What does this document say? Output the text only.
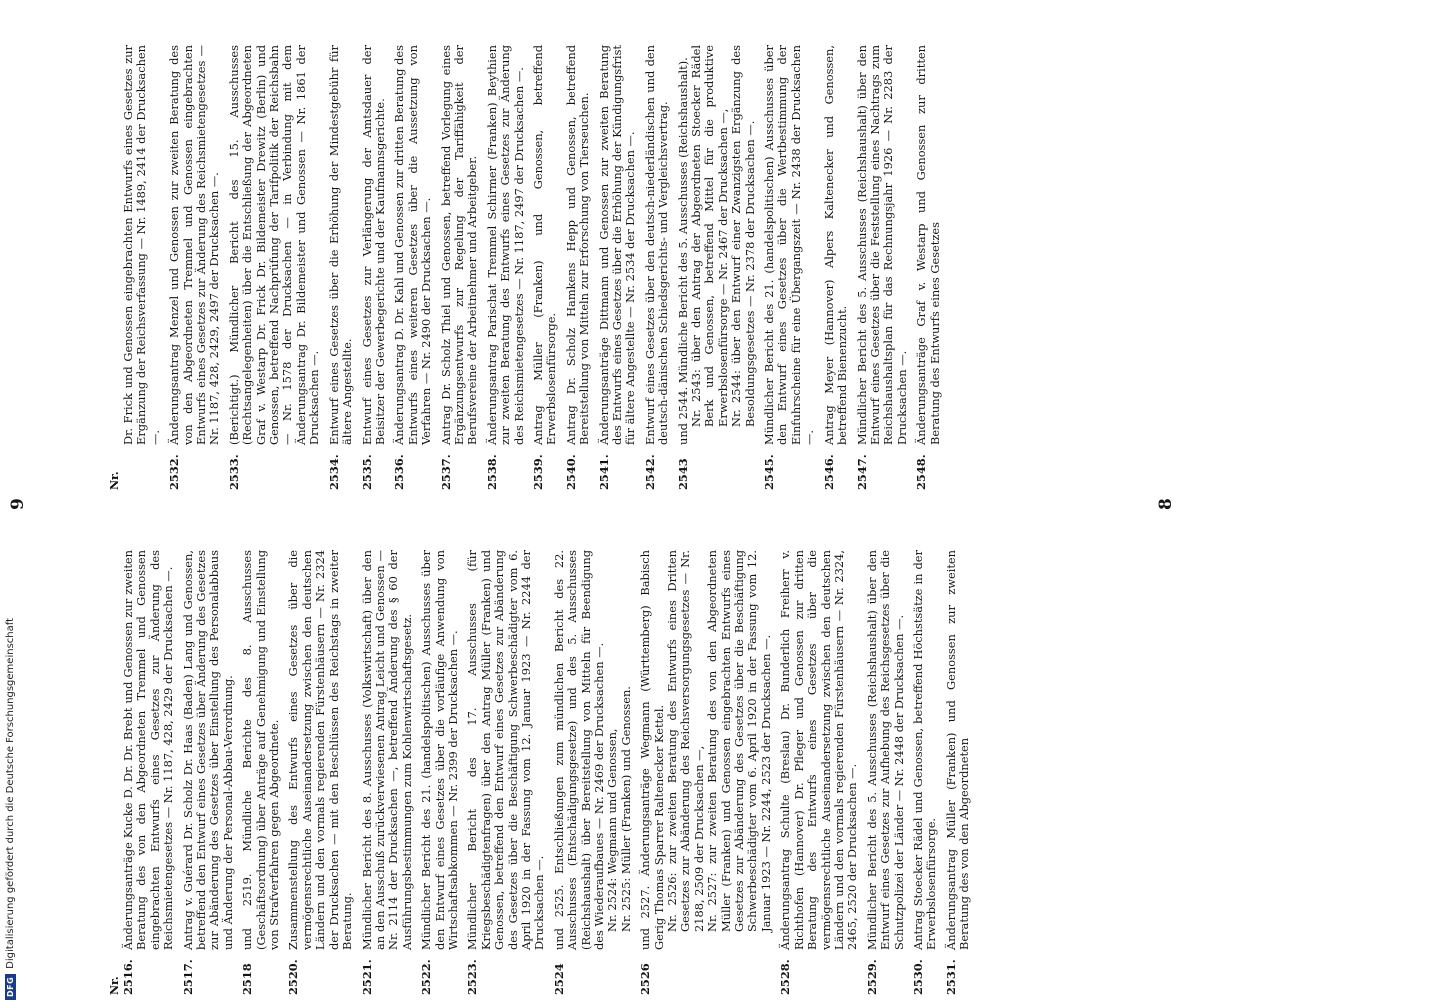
9	8
Nr.
Nr.
2516.
Änderungsanträge Kucke D. Dr. Dr. Brebt und Genossen zur zweiten Beratung des von den Abgeordneten Tremmel und Genossen eingebrachten Entwurfs eines Gesetzes zur Änderung des Reichsmietengesetzes — Nr. 1187, 428, 2429 der Drucksachen —.
2517.
Antrag v. Guérard Dr. Scholz Dr. Haas (Baden) Lang und Genossen, betreffend den Entwurf eines Gesetzes über Änderung des Gesetzes zur Abänderung des Gesetzes über Einstellung des Personalabbaus und Änderung der Personal-Abbau-Verordnung.
2518
und 2519. Mündliche Berichte des 8. Ausschusses (Geschäftsordnung) über Anträge auf Genehmigung und Einstellung von Strafverfahren gegen Abgeordnete.
2520.
Zusammenstellung des Entwurfs eines Gesetzes über die vermögensrechtliche Auseinandersetzung zwischen den deutschen Ländern und den vormals regierenden Fürstenhäusern — Nr. 2324 der Drucksachen — mit den Beschlüssen des Reichstags in zweiter Beratung.
2521.
Mündlicher Bericht des 8. Ausschusses (Volkswirtschaft) über den an den Ausschuß zurückverwiesenen Antrag Leicht und Genossen — Nr. 2114 der Drucksachen —, betreffend Änderung des § 60 der Ausführungsbestimmungen zum Kohlenwirtschaftsgesetz.
2522.
Mündlicher Bericht des 21. (handelspolitischen) Ausschusses über den Entwurf eines Gesetzes über die vorläufige Anwendung von Wirtschaftsabkommen — Nr. 2399 der Drucksachen —.
2523.
Mündlicher Bericht des 17. Ausschusses (für Kriegsbeschädigtenfragen) über den Antrag Müller (Franken) und Genossen, betreffend den Entwurf eines Gesetzes zur Abänderung des Gesetzes über die Beschäftigung Schwerbeschädigter vom 6. April 1920 in der Fassung vom 12. Januar 1923 — Nr. 2244 der Drucksachen —.
2524
und 2525. Entschließungen zum mündlichen Bericht des 22. Ausschusses (Entschädigungsgesetze) und des 5. Ausschusses (Reichshaushalt) über Bereitstellung von Mitteln für Beendigung des Wiederaufbaues — Nr. 2469 der Drucksachen —. Nr. 2524: Wegmann und Genossen, Nr. 2525: Müller (Franken) und Genossen.
2526
und 2527. Änderungsanträge Wegmann (Württemberg) Babisch Gerig Thomas Sparrer Raltenecker Kettel. Nr. 2526: zur zweiten Beratung des Entwurfs eines Dritten Gesetzes zur Abänderung des Reichsversorgungsgesetzes — Nr. 2188, 2509 der Drucksachen —, Nr. 2527: zur zweiten Beratung des von den Abgeordneten Müller (Franken) und Genossen eingebrachten Entwurfs eines Gesetzes zur Abänderung des Gesetzes über die Beschäftigung Schwerbeschädigter vom 6. April 1920 in der Fassung vom 12. Januar 1923 — Nr. 2244, 2523 der Drucksachen —.
2528.
Änderungsantrag Schulte (Breslau) Dr. Bunderlich Freiherr v. Richthofen (Hannover) Dr. Pfleger und Genossen zur dritten Beratung des Entwurfs eines Gesetzes über die vermögensrechtliche Auseinandersetzung zwischen den deutschen Ländern und den vormals regierenden Fürstenhäusern — Nr. 2324, 2465, 2520 der Drucksachen —.
2529.
Mündlicher Bericht des 5. Ausschusses (Reichshaushalt) über den Entwurf eines Gesetzes zur Aufhebung des Reichsgesetzes über die Schutzpolizei der Länder — Nr. 2448 der Drucksachen —.
2530.
Antrag Stoecker Rädel und Genossen, betreffend Höchstsätze in der Erwerbslosenfürsorge.
2531.
Änderungsantrag Müller (Franken) und Genossen zur zweiten Beratung des von den Abgeordneten
Dr. Frick und Genossen eingebrachten Entwurfs eines Gesetzes zur Ergänzung der Reichsverfassung — Nr. 1489, 2414 der Drucksachen —.
2532.
Änderungsantrag Menzel und Genossen zur zweiten Beratung des von den Abgeordneten Tremmel und Genossen eingebrachten Entwurfs eines Gesetzes zur Änderung des Reichsmietengesetzes — Nr. 1187, 428, 2429, 2497 der Drucksachen —.
2533.
(Berichtigt.) Mündlicher Bericht des 15. Ausschusses (Rechtsangelegenheiten) über die Entschließung der Abgeordneten Graf v. Westarp Dr. Frick Dr. Bildemeister Drewitz (Berlin) und Genossen, betreffend Nachprüfung der Tarifpolitik der Reichsbahn — Nr. 1578 der Drucksachen — in Verbindung mit dem Änderungsantrag Dr. Bildemeister und Genossen — Nr. 1861 der Drucksachen —.
2534.
Entwurf eines Gesetzes über die Erhöhung der Mindestgebühr für ältere Angestellte.
2535.
Entwurf eines Gesetzes zur Verlängerung der Amtsdauer der Beisitzer der Gewerbegerichte und der Kaufmannsgerichte.
2536.
Änderungsantrag D. Dr. Kahl und Genossen zur dritten Beratung des Entwurfs eines weiteren Gesetzes über die Aussetzung von Verfahren — Nr. 2490 der Drucksachen —.
2537.
Antrag Dr. Scholz Thiel und Genossen, betreffend Vorlegung eines Ergänzungsentwurfs zur Regelung der Tariffähigkeit der Berufsvereine der Arbeitnehmer und Arbeitgeber.
2538.
Änderungsantrag Parischat Tremmel Schirmer (Franken) Beythien zur zweiten Beratung des Entwurfs eines Gesetzes zur Änderung des Reichsmietengesetzes — Nr. 1187, 2497 der Drucksachen —.
2539.
Antrag Müller (Franken) und Genossen, betreffend Erwerbslosenfürsorge.
2540.
Antrag Dr. Scholz Hamkens Hepp und Genossen, betreffend Bereitstellung von Mitteln zur Erforschung von Tierseuchen.
2541.
Änderungsanträge Dittmann und Genossen zur zweiten Beratung des Entwurfs eines Gesetzes über die Erhöhung der Kündigungsfrist für ältere Angestellte — Nr. 2534 der Drucksachen —.
2542.
Entwurf eines Gesetzes über den deutsch-niederländischen und den deutsch-dänischen Schiedsgerichts- und Vergleichsvertrag.
2543
und 2544. Mündliche Bericht des 5. Ausschusses (Reichshaushalt). Nr. 2543: über den Antrag der Abgeordneten Stoecker Rädel Berk und Genossen, betreffend Mittel für die produktive Erwerbslosenfürsorge — Nr. 2467 der Drucksachen —, Nr. 2544: über den Entwurf einer Zwanzigsten Ergänzung des Besoldungsgesetzes — Nr. 2378 der Drucksachen —.
2545.
Mündlicher Bericht des 21. (handelspolitischen) Ausschusses über den Entwurf eines Gesetzes über die Wertbestimmung der Einfuhrscheine für eine Übergangszeit — Nr. 2438 der Drucksachen —.
2546.
Antrag Meyer (Hannover) Alpers Kaltenecker und Genossen, betreffend Bienenzucht.
2547.
Mündlicher Bericht des 5. Ausschusses (Reichshaushalt) über den Entwurf eines Gesetzes über die Feststellung eines Nachtrags zum Reichshaushaltsplan für das Rechnungsjahr 1926 — Nr. 2283 der Drucksachen —.
2548.
Änderungsanträge Graf v. Westarp und Genossen zur dritten Beratung des Entwurfs eines Gesetzes
DFGDigitalisierung gefördert durch die Deutsche Forschungsgemeinschaft
